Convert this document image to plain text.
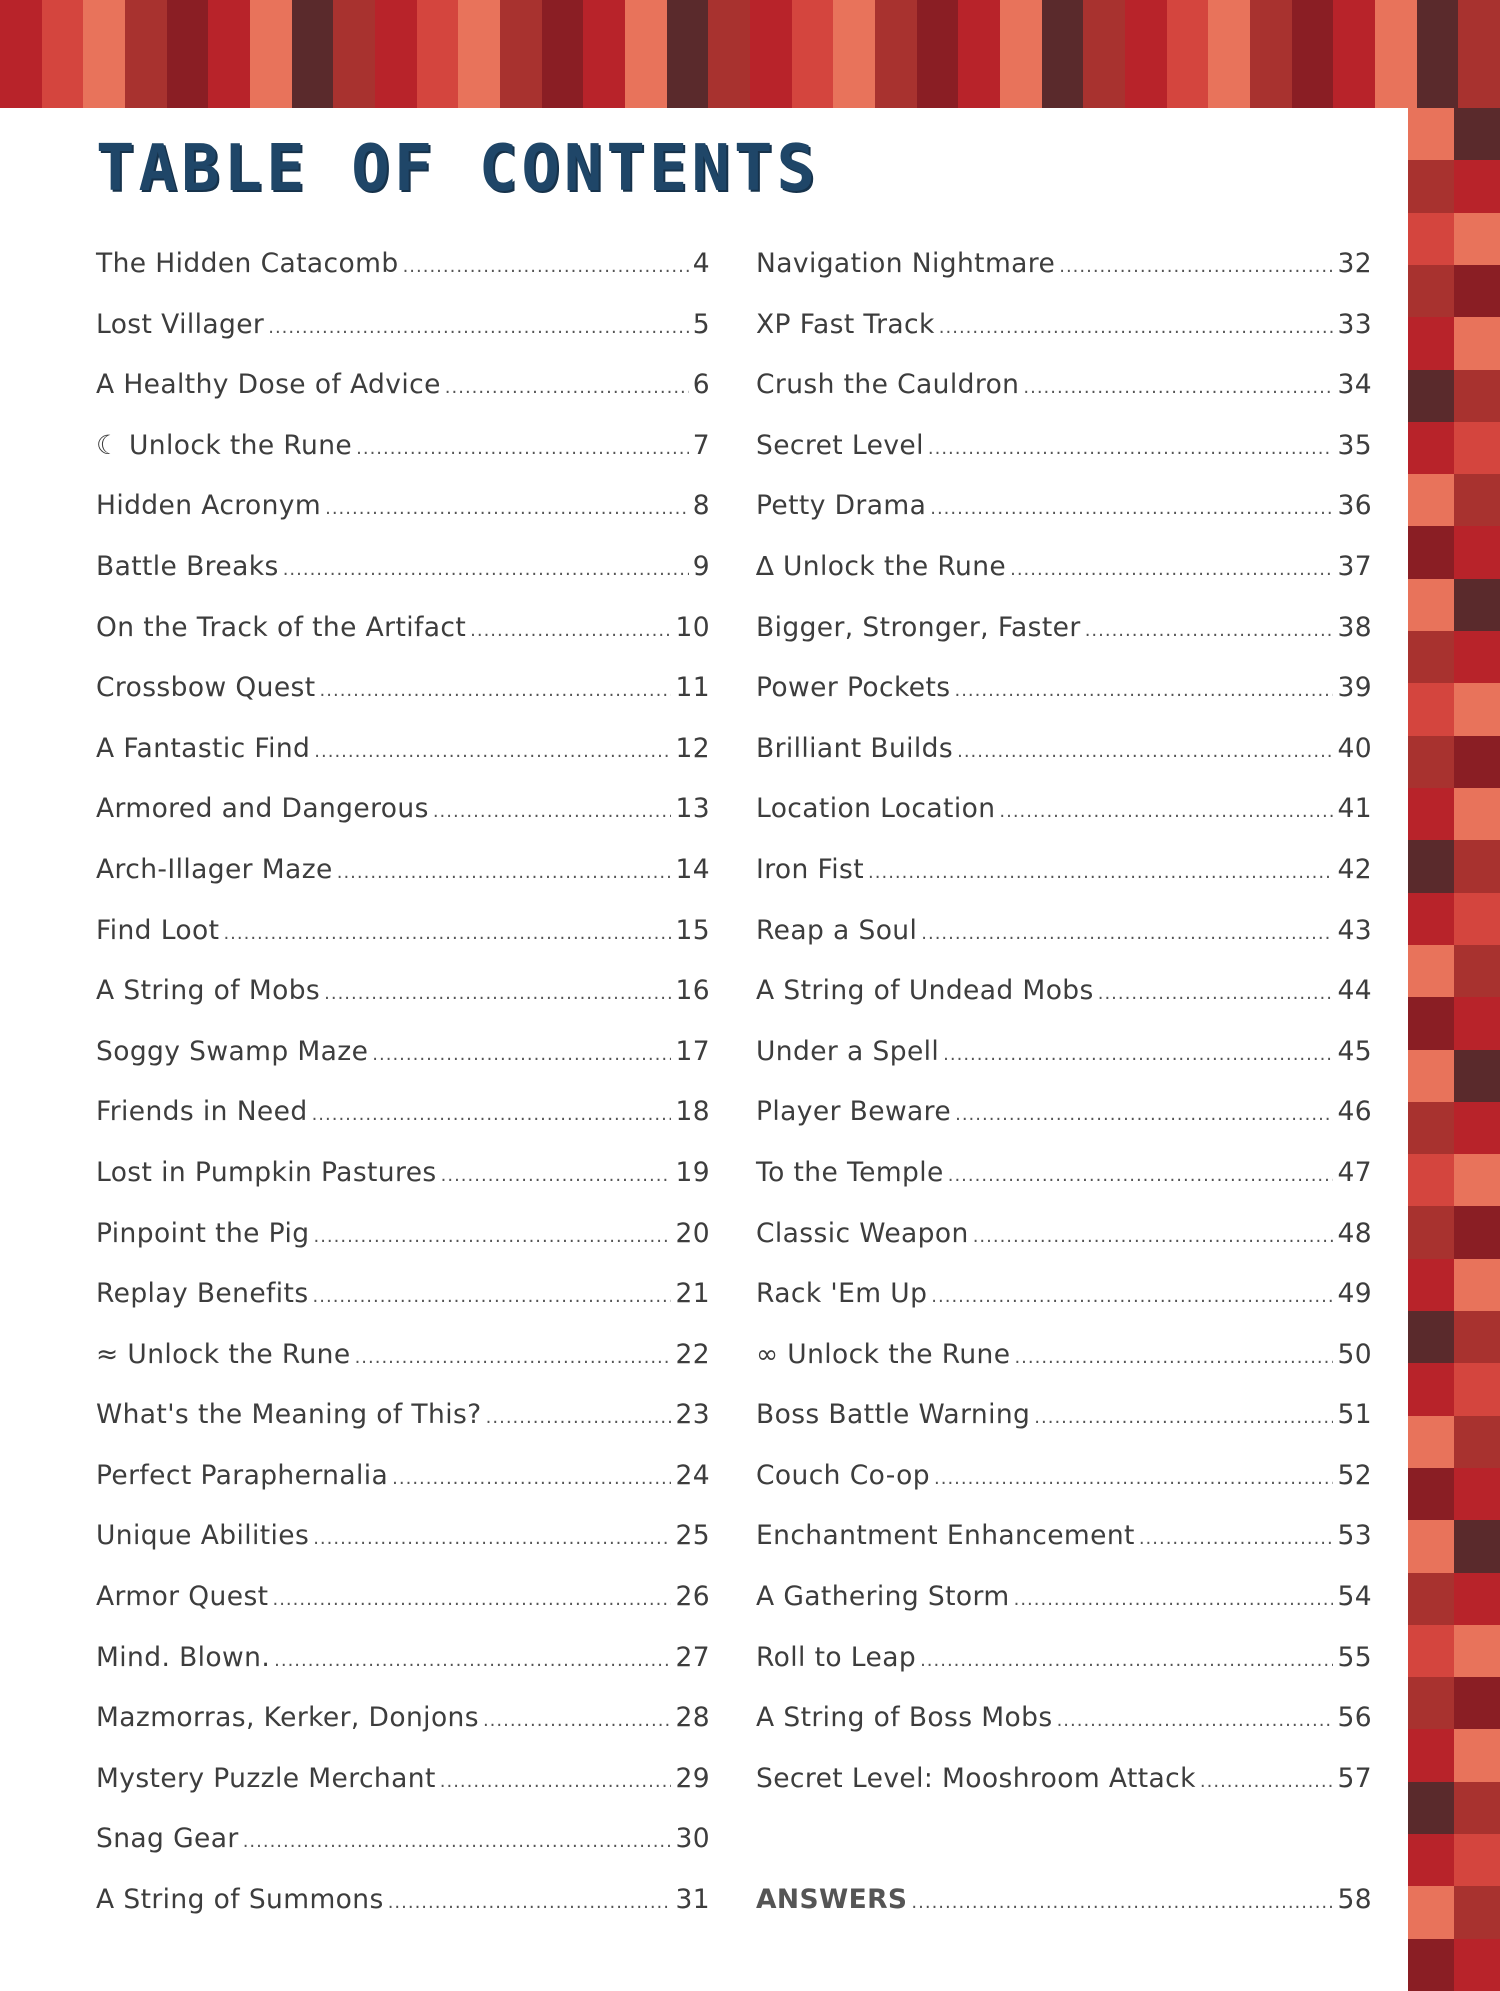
TABLE OF CONTENTS
The Hidden Catacomb .....	4
Lost Villager .....	5
A Healthy Dose of Advice .....	6
☾ Unlock the Rune .....	7
Hidden Acronym .....	8
Battle Breaks .....	9
On the Track of the Artifact .....	10
Crossbow Quest .....	11
A Fantastic Find .....	12
Armored and Dangerous .....	13
Arch-Illager Maze .....	14
Find Loot .....	15
A String of Mobs .....	16
Soggy Swamp Maze .....	17
Friends in Need .....	18
Lost in Pumpkin Pastures .....	19
Pinpoint the Pig .....	20
Replay Benefits .....	21
≈ Unlock the Rune .....	22
What's the Meaning of This? .....	23
Perfect Paraphernalia .....	24
Unique Abilities .....	25
Armor Quest .....	26
Mind. Blown. .....	27
Mazmorras, Kerker, Donjons .....	28
Mystery Puzzle Merchant .....	29
Snag Gear .....	30
A String of Summons .....	31
Navigation Nightmare .....	32
XP Fast Track .....	33
Crush the Cauldron .....	34
Secret Level .....	35
Petty Drama .....	36
∆ Unlock the Rune .....	37
Bigger, Stronger, Faster .....	38
Power Pockets .....	39
Brilliant Builds .....	40
Location Location .....	41
Iron Fist .....	42
Reap a Soul .....	43
A String of Undead Mobs .....	44
Under a Spell .....	45
Player Beware .....	46
To the Temple .....	47
Classic Weapon .....	48
Rack 'Em Up .....	49
∞ Unlock the Rune .....	50
Boss Battle Warning .....	51
Couch Co-op .....	52
Enchantment Enhancement .....	53
A Gathering Storm .....	54
Roll to Leap .....	55
A String of Boss Mobs .....	56
Secret Level: Mooshroom Attack .....	57
ANSWERS .....	58
